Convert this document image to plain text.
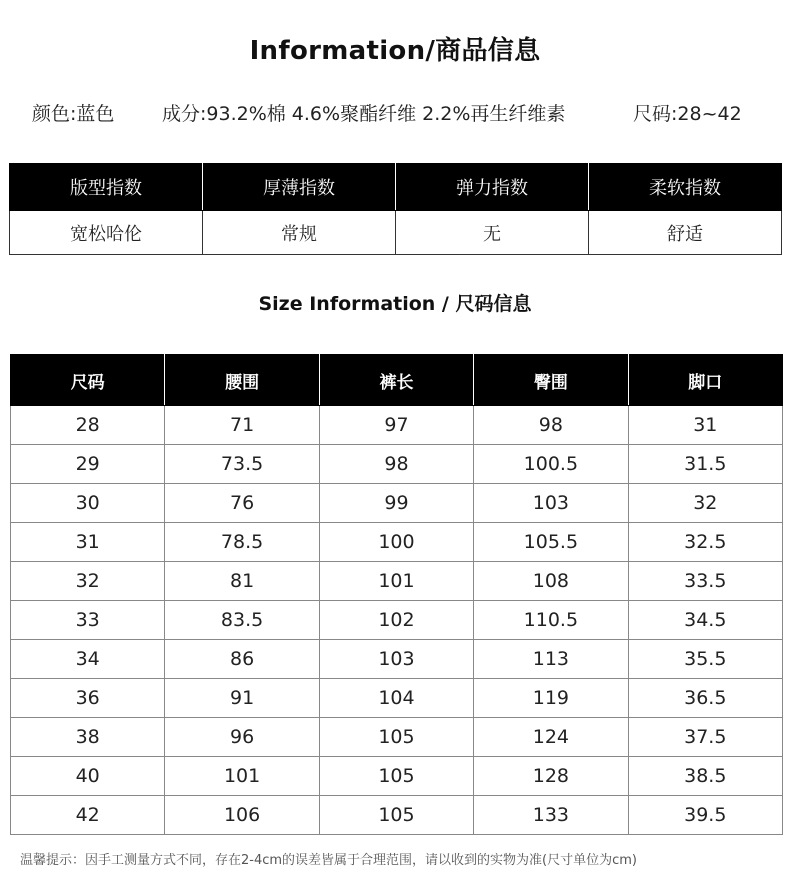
Information/商品信息
颜色:蓝色	成分:93.2%棉 4.6%聚酯纤维 2.2%再生纤维素	尺码:28~42
版型指数	厚薄指数	弹力指数	柔软指数
宽松哈伦	常规	无	舒适
Size Information / 尺码信息
尺码	腰围	裤长	臀围	脚口
28	71	97	98	31
29	73.5	98	100.5	31.5
30	76	99	103	32
31	78.5	100	105.5	32.5
32	81	101	108	33.5
33	83.5	102	110.5	34.5
34	86	103	113	35.5
36	91	104	119	36.5
38	96	105	124	37.5
40	101	105	128	38.5
42	106	105	133	39.5
温馨提示：因手工测量方式不同，存在2-4cm的误差皆属于合理范围，请以收到的实物为准(尺寸单位为cm)
